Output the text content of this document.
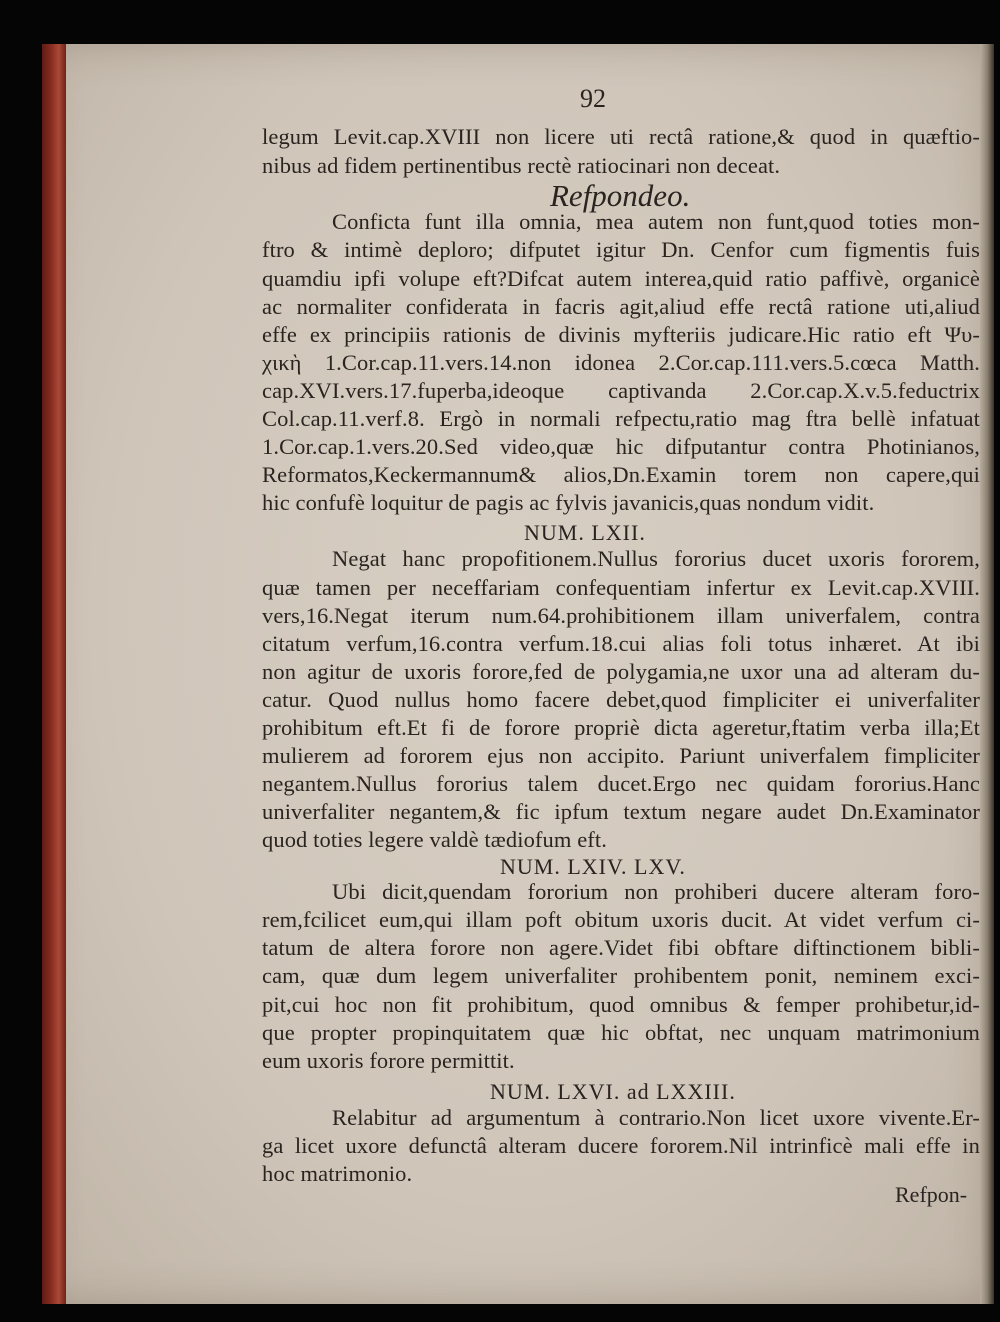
92
legum Levit.cap.XVIII non licere uti rectâ ratione,& quod in quæftio-
nibus ad fidem pertinentibus rectè ratiocinari non deceat.
Refpondeo.
Conficta funt illa omnia, mea autem non funt,quod toties mon-
ftro & intimè deploro; difputet igitur Dn. Cenfor cum figmentis fuis
quamdiu ipfi volupe eft?Difcat autem interea,quid ratio paffivè, organicè
ac normaliter confiderata in facris agit,aliud effe rectâ ratione uti,aliud
effe ex principiis rationis de divinis myfteriis judicare.Hic ratio eft Ψυ-
χικὴ 1.Cor.cap.11.vers.14.non idonea 2.Cor.cap.111.vers.5.cœca Matth.
cap.XVI.vers.17.fuperba,ideoque captivanda 2.Cor.cap.X.v.5.feductrix
Col.cap.11.verf.8. Ergò in normali refpectu,ratio mag ftra bellè infatuat
1.Cor.cap.1.vers.20.Sed video,quæ hic difputantur contra Photinianos,
Reformatos,Keckermannum& alios,Dn.Examin torem non capere,qui
hic confufè loquitur de pagis ac fylvis javanicis,quas nondum vidit.
NUM. LXII.
Negat hanc propofitionem.Nullus fororius ducet uxoris fororem,
quæ tamen per neceffariam confequentiam infertur ex Levit.cap.XVIII.
vers,16.Negat iterum num.64.prohibitionem illam univerfalem, contra
citatum verfum,16.contra verfum.18.cui alias foli totus inhæret. At ibi
non agitur de uxoris forore,fed de polygamia,ne uxor una ad alteram du-
catur. Quod nullus homo facere debet,quod fimpliciter ei univerfaliter
prohibitum eft.Et fi de forore propriè dicta ageretur,ftatim verba illa;Et
mulierem ad fororem ejus non accipito. Pariunt univerfalem fimpliciter
negantem.Nullus fororius talem ducet.Ergo nec quidam fororius.Hanc
univerfaliter negantem,& fic ipfum textum negare audet Dn.Examinator
quod toties legere valdè tædiofum eft.
NUM. LXIV. LXV.
Ubi dicit,quendam fororium non prohiberi ducere alteram foro-
rem,fcilicet eum,qui illam poft obitum uxoris ducit. At videt verfum ci-
tatum de altera forore non agere.Videt fibi obftare diftinctionem bibli-
cam, quæ dum legem univerfaliter prohibentem ponit, neminem exci-
pit,cui hoc non fit prohibitum, quod omnibus & femper prohibetur,id-
que propter propinquitatem quæ hic obftat, nec unquam matrimonium
eum uxoris forore permittit.
NUM. LXVI. ad LXXIII.
Relabitur ad argumentum à contrario.Non licet uxore vivente.Er-
ga licet uxore defunctâ alteram ducere fororem.Nil intrinficè mali effe in
hoc matrimonio.
Refpon-
